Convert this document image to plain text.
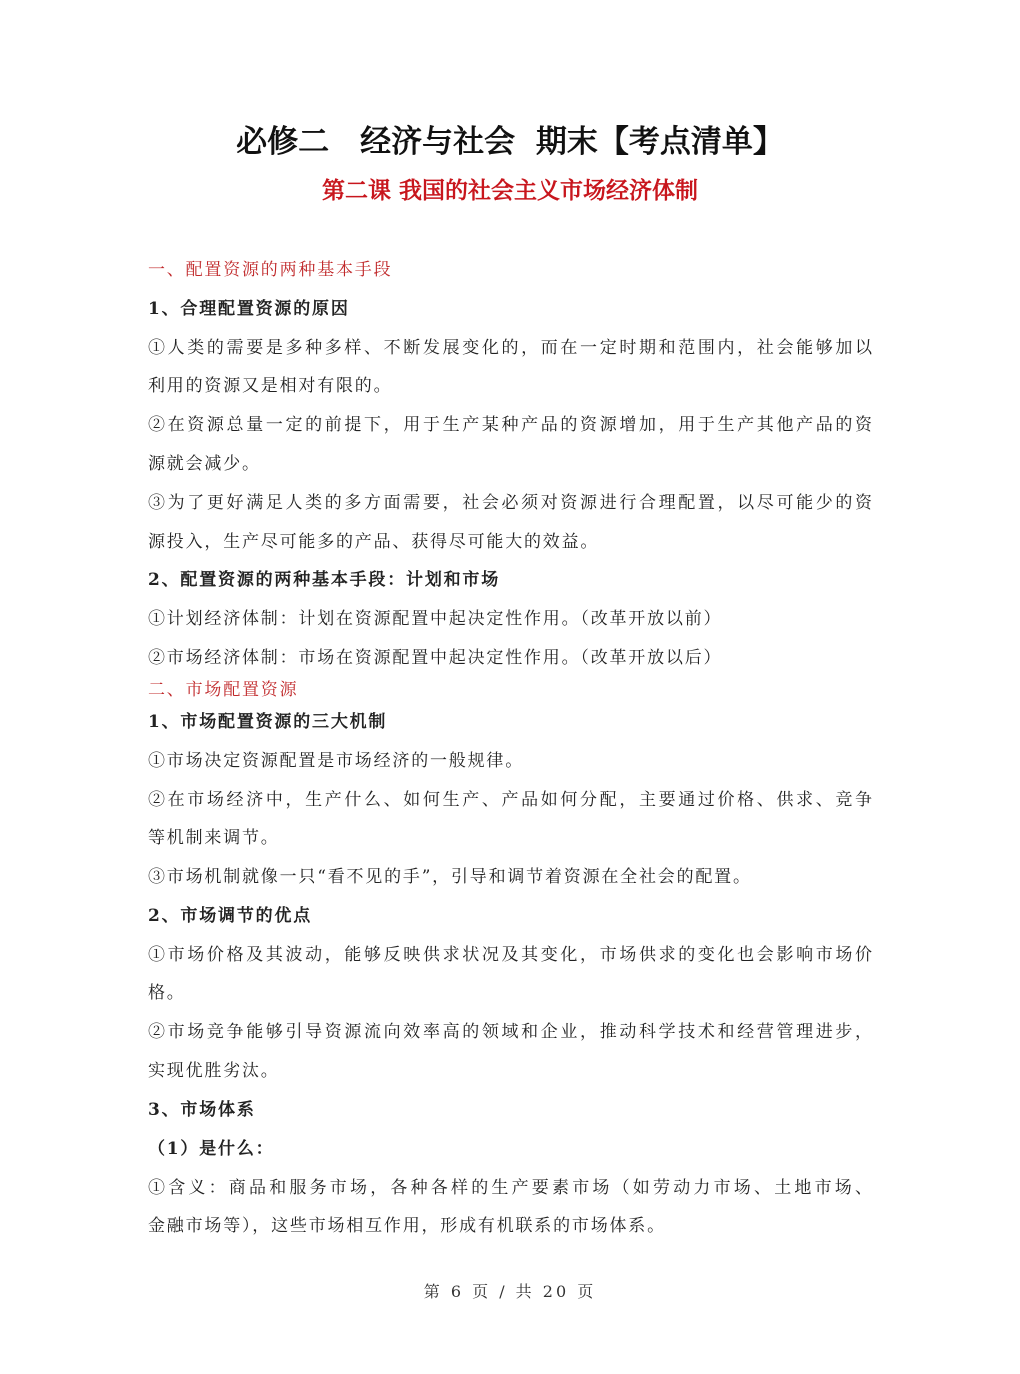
必修二　经济与社会 期末【考点清单】
第二课 我国的社会主义市场经济体制
一、配置资源的两种基本手段
1、合理配置资源的原因
①人类的需要是多种多样、不断发展变化的，而在一定时期和范围内，社会能够加以
利用的资源又是相对有限的。
②在资源总量一定的前提下，用于生产某种产品的资源增加，用于生产其他产品的资
源就会减少。
③为了更好满足人类的多方面需要，社会必须对资源进行合理配置，以尽可能少的资
源投入，生产尽可能多的产品、获得尽可能大的效益。
2、配置资源的两种基本手段：计划和市场
①计划经济体制：计划在资源配置中起决定性作用。（改革开放以前）
②市场经济体制：市场在资源配置中起决定性作用。（改革开放以后）
二、市场配置资源
1、市场配置资源的三大机制
①市场决定资源配置是市场经济的一般规律。
②在市场经济中，生产什么、如何生产、产品如何分配，主要通过价格、供求、竞争
等机制来调节。
③市场机制就像一只“看不见的手”，引导和调节着资源在全社会的配置。
2、市场调节的优点
①市场价格及其波动，能够反映供求状况及其变化，市场供求的变化也会影响市场价
格。
②市场竞争能够引导资源流向效率高的领域和企业，推动科学技术和经营管理进步，
实现优胜劣汰。
3、市场体系
（1）是什么：
①含义：商品和服务市场，各种各样的生产要素市场（如劳动力市场、土地市场、
金融市场等），这些市场相互作用，形成有机联系的市场体系。
第 6 页 / 共 20 页
